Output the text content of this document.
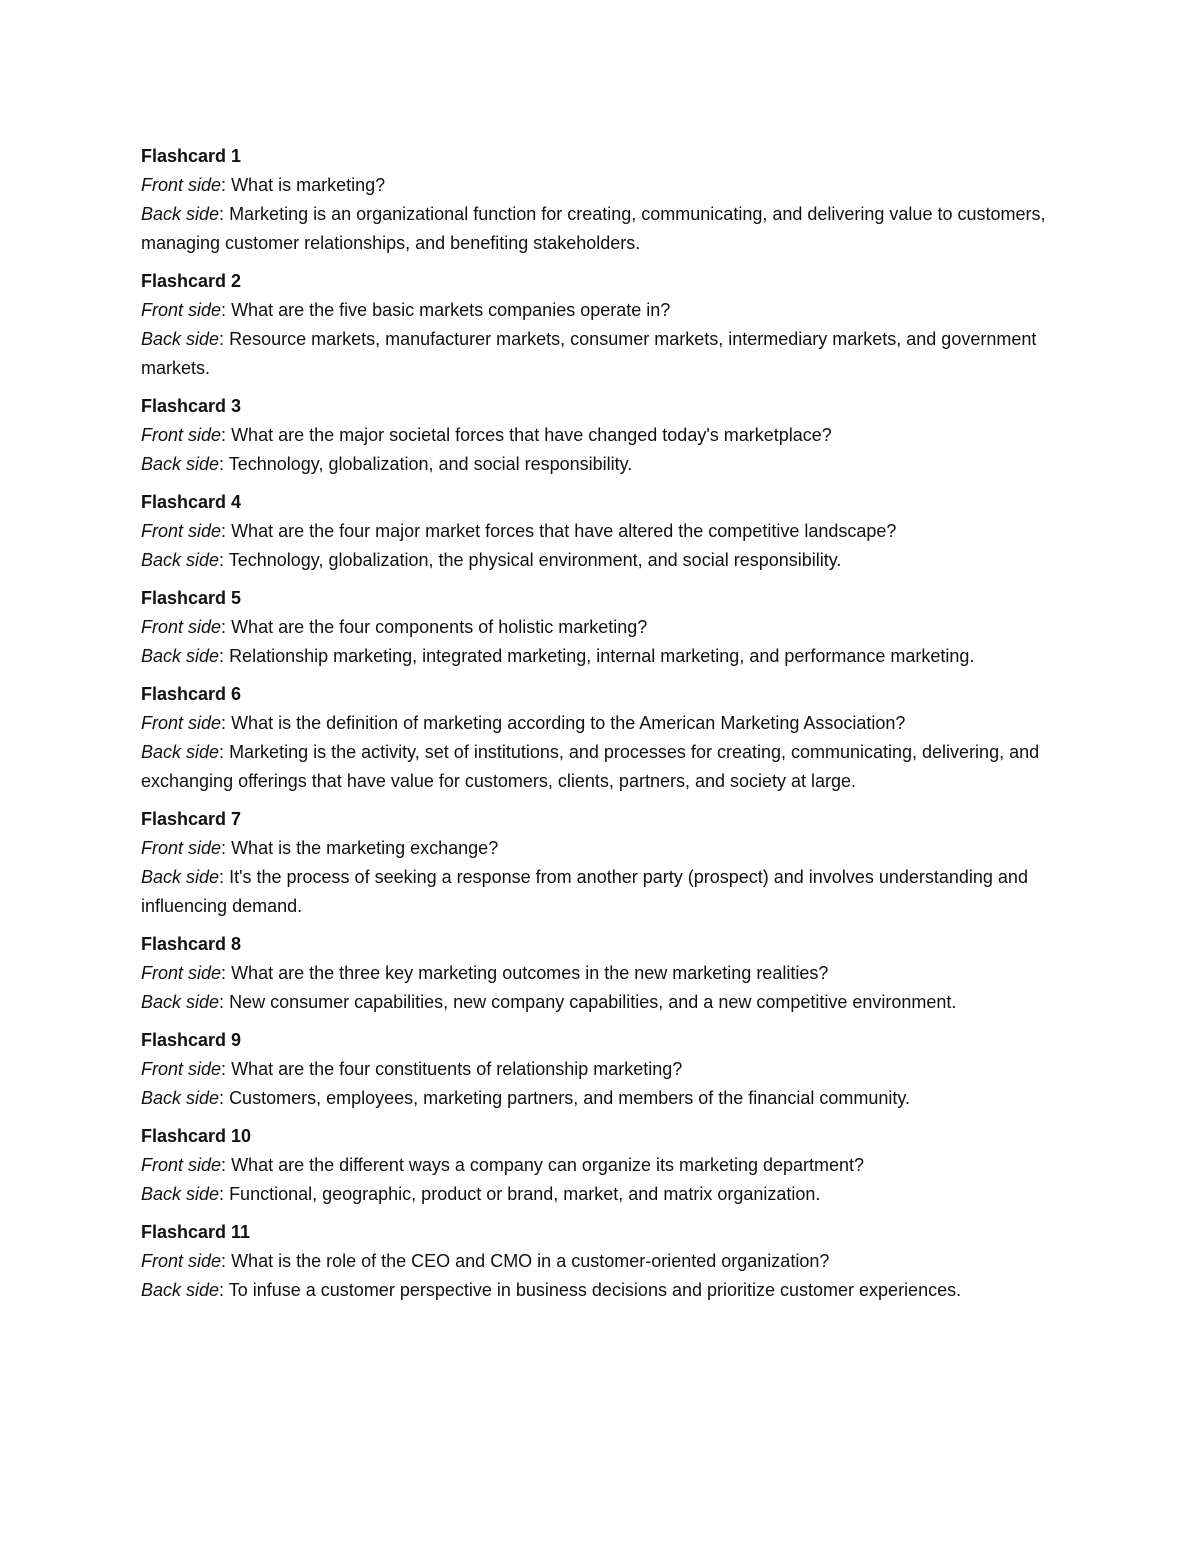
Flashcard 1

Front side: What is marketing?

Back side: Marketing is an organizational function for creating, communicating, and delivering value to customers, managing customer relationships, and benefiting stakeholders.

Flashcard 2

Front side: What are the five basic markets companies operate in?

Back side: Resource markets, manufacturer markets, consumer markets, intermediary markets, and government markets.

Flashcard 3

Front side: What are the major societal forces that have changed today's marketplace?

Back side: Technology, globalization, and social responsibility.

Flashcard 4

Front side: What are the four major market forces that have altered the competitive landscape?

Back side: Technology, globalization, the physical environment, and social responsibility.

Flashcard 5

Front side: What are the four components of holistic marketing?

Back side: Relationship marketing, integrated marketing, internal marketing, and performance marketing.

Flashcard 6

Front side: What is the definition of marketing according to the American Marketing Association?

Back side: Marketing is the activity, set of institutions, and processes for creating, communicating, delivering, and exchanging offerings that have value for customers, clients, partners, and society at large.

Flashcard 7

Front side: What is the marketing exchange?

Back side: It's the process of seeking a response from another party (prospect) and involves understanding and influencing demand.

Flashcard 8

Front side: What are the three key marketing outcomes in the new marketing realities?

Back side: New consumer capabilities, new company capabilities, and a new competitive environment.

Flashcard 9

Front side: What are the four constituents of relationship marketing?

Back side: Customers, employees, marketing partners, and members of the financial community.

Flashcard 10

Front side: What are the different ways a company can organize its marketing department?

Back side: Functional, geographic, product or brand, market, and matrix organization.

Flashcard 11

Front side: What is the role of the CEO and CMO in a customer-oriented organization?

Back side: To infuse a customer perspective in business decisions and prioritize customer experiences.
